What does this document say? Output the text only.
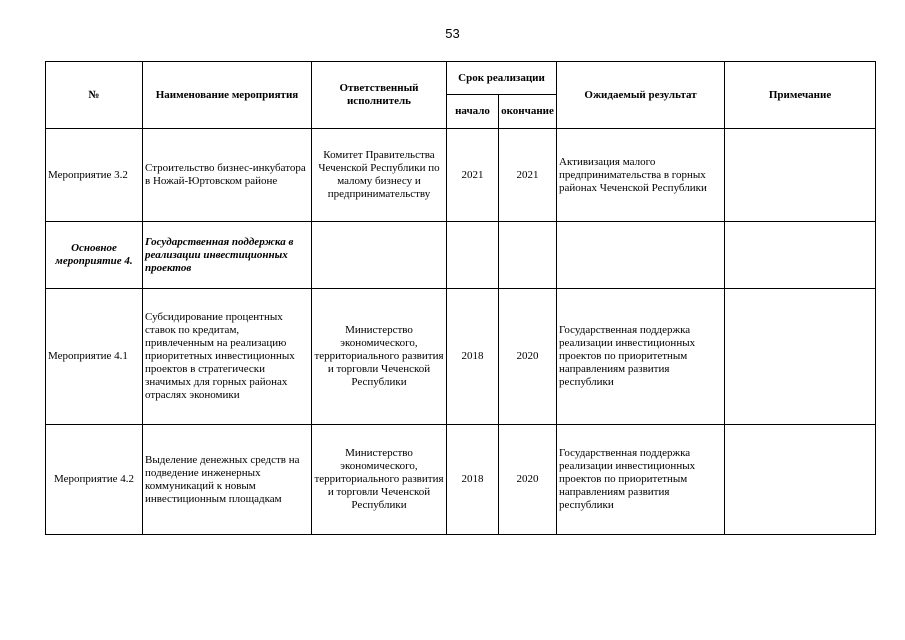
53
№	Наименование мероприятия	Ответственный исполнитель	Срок реализации		Ожидаемый результат	Примечание
			начало	окончание		
Мероприятие 3.2	Строительство бизнес-инкубатора в Ножай-Юртовском районе	Комитет Правительства Чеченской Республики по малому бизнесу и предпринимательству	2021	2021	Активизация малого предпринимательства в горных районах Чеченской Республики	
Основное мероприятие 4.	Государственная поддержка в реализации инвестиционных проектов					
Мероприятие 4.1	Субсидирование процентных ставок по кредитам, привлеченным на реализацию приоритетных инвестиционных проектов в стратегически значимых для горных районах отраслях экономики	Министерство экономического, территориального развития и торговли Чеченской Республики	2018	2020	Государственная поддержка реализации инвестиционных проектов по приоритетным направлениям развития республики	
Мероприятие 4.2	Выделение денежных средств на подведение инженерных коммуникаций к новым инвестиционным площадкам	Министерство экономического, территориального развития и торговли Чеченской Республики	2018	2020	Государственная поддержка реализации инвестиционных проектов по приоритетным направлениям развития республики	
